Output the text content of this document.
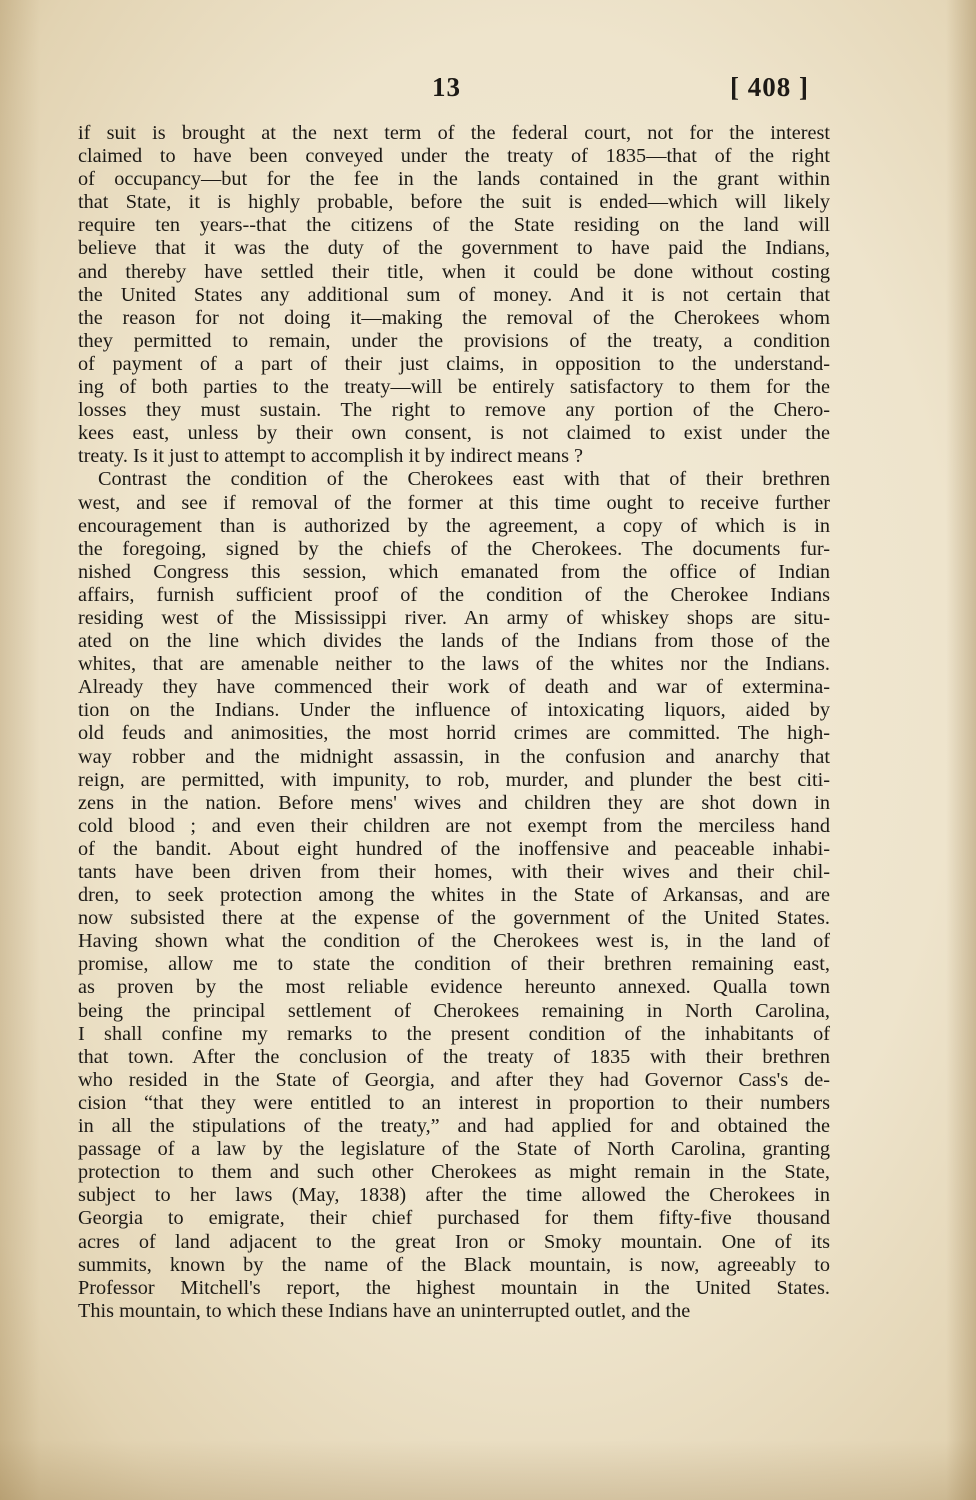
13	[ 408 ]
if suit is brought at the next term of the federal court, not for the interest
claimed to have been conveyed under the treaty of 1835—that of the right
of occupancy—but for the fee in the lands contained in the grant within
that State, it is highly probable, before the suit is ended—which will likely
require ten years--that the citizens of the State residing on the land will
believe that it was the duty of the government to have paid the Indians,
and thereby have settled their title, when it could be done without costing
the United States any additional sum of money. And it is not certain that
the reason for not doing it—making the removal of the Cherokees whom
they permitted to remain, under the provisions of the treaty, a condition
of payment of a part of their just claims, in opposition to the understand-
ing of both parties to the treaty—will be entirely satisfactory to them for the
losses they must sustain. The right to remove any portion of the Chero-
kees east, unless by their own consent, is not claimed to exist under the
treaty. Is it just to attempt to accomplish it by indirect means ?
Contrast the condition of the Cherokees east with that of their brethren
west, and see if removal of the former at this time ought to receive further
encouragement than is authorized by the agreement, a copy of which is in
the foregoing, signed by the chiefs of the Cherokees. The documents fur-
nished Congress this session, which emanated from the office of Indian
affairs, furnish sufficient proof of the condition of the Cherokee Indians
residing west of the Mississippi river. An army of whiskey shops are situ-
ated on the line which divides the lands of the Indians from those of the
whites, that are amenable neither to the laws of the whites nor the Indians.
Already they have commenced their work of death and war of extermina-
tion on the Indians. Under the influence of intoxicating liquors, aided by
old feuds and animosities, the most horrid crimes are committed. The high-
way robber and the midnight assassin, in the confusion and anarchy that
reign, are permitted, with impunity, to rob, murder, and plunder the best citi-
zens in the nation. Before mens' wives and children they are shot down in
cold blood ; and even their children are not exempt from the merciless hand
of the bandit. About eight hundred of the inoffensive and peaceable inhabi-
tants have been driven from their homes, with their wives and their chil-
dren, to seek protection among the whites in the State of Arkansas, and are
now subsisted there at the expense of the government of the United States.
Having shown what the condition of the Cherokees west is, in the land of
promise, allow me to state the condition of their brethren remaining east,
as proven by the most reliable evidence hereunto annexed. Qualla town
being the principal settlement of Cherokees remaining in North Carolina,
I shall confine my remarks to the present condition of the inhabitants of
that town. After the conclusion of the treaty of 1835 with their brethren
who resided in the State of Georgia, and after they had Governor Cass's de-
cision “that they were entitled to an interest in proportion to their numbers
in all the stipulations of the treaty,” and had applied for and obtained the
passage of a law by the legislature of the State of North Carolina, granting
protection to them and such other Cherokees as might remain in the State,
subject to her laws (May, 1838) after the time allowed the Cherokees in
Georgia to emigrate, their chief purchased for them fifty-five thousand
acres of land adjacent to the great Iron or Smoky mountain. One of its
summits, known by the name of the Black mountain, is now, agreeably to
Professor Mitchell's report, the highest mountain in the United States.
This mountain, to which these Indians have an uninterrupted outlet, and the
